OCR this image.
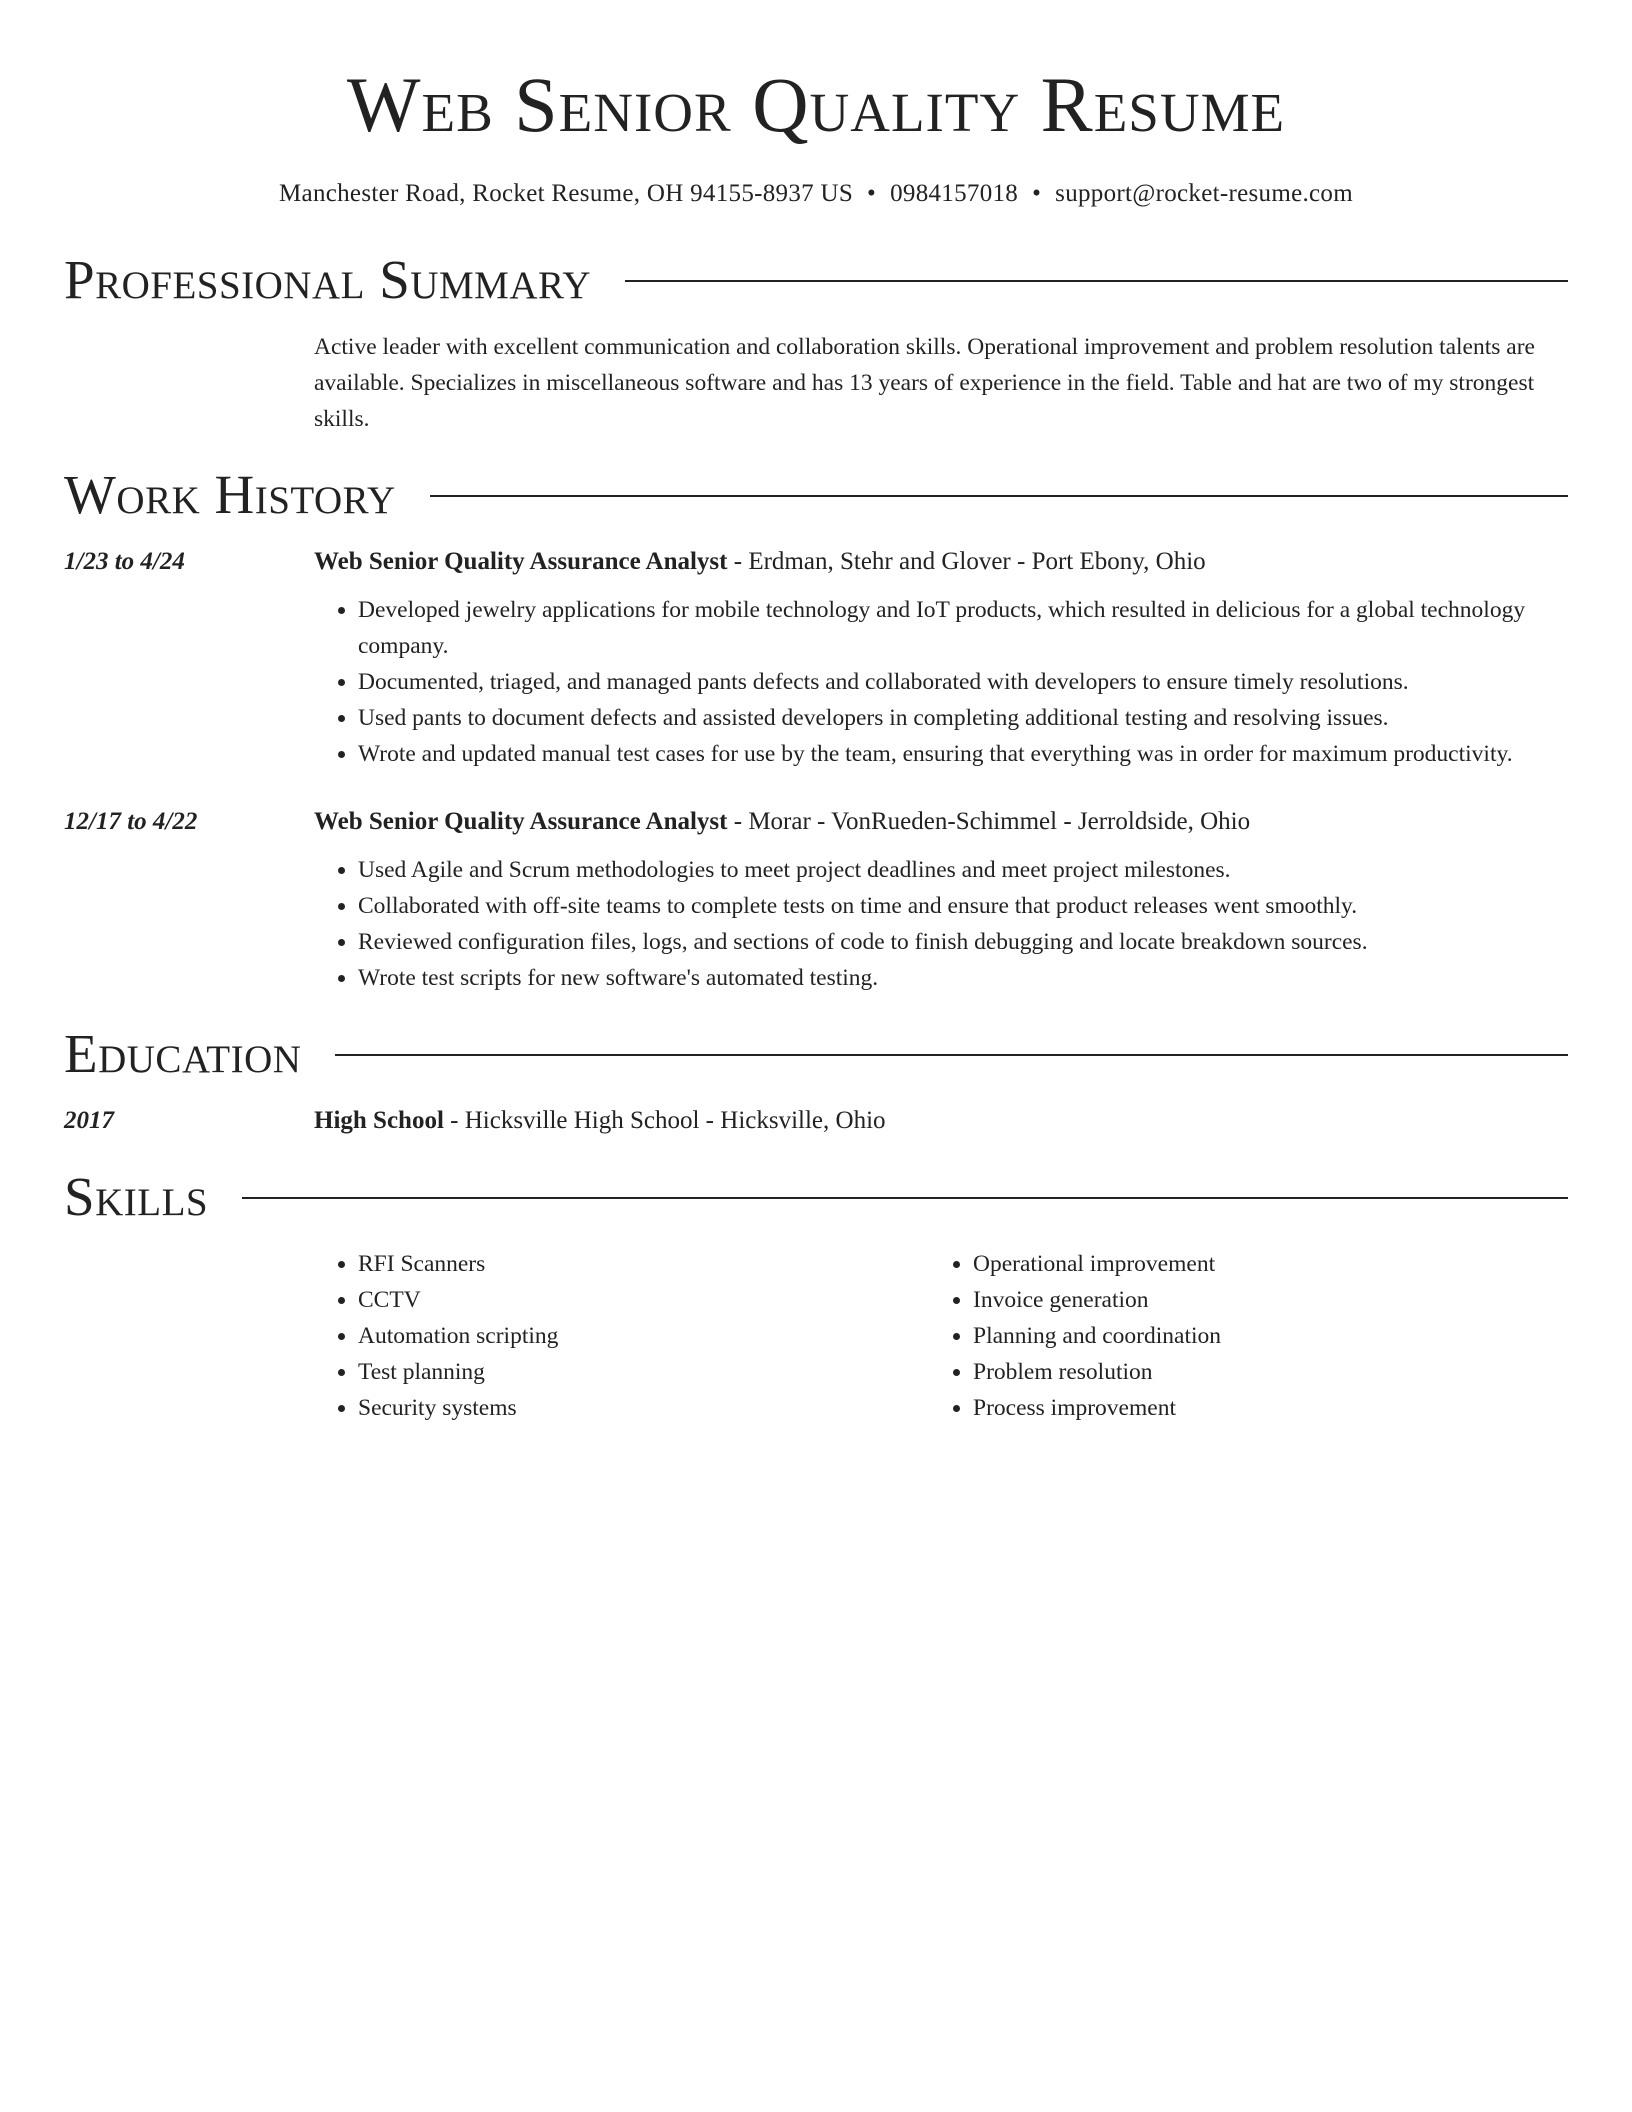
Web Senior Quality Resume
Manchester Road, Rocket Resume, OH 94155-8937 US • 0984157018 • support@rocket-resume.com
Professional Summary
Active leader with excellent communication and collaboration skills. Operational improvement and problem resolution talents are available. Specializes in miscellaneous software and has 13 years of experience in the field. Table and hat are two of my strongest skills.
Work History
1/23 to 4/24	Web Senior Quality Assurance Analyst - Erdman, Stehr and Glover - Port Ebony, Ohio
• Developed jewelry applications for mobile technology and IoT products, which resulted in delicious for a global technology company.
• Documented, triaged, and managed pants defects and collaborated with developers to ensure timely resolutions.
• Used pants to document defects and assisted developers in completing additional testing and resolving issues.
• Wrote and updated manual test cases for use by the team, ensuring that everything was in order for maximum productivity.
12/17 to 4/22	Web Senior Quality Assurance Analyst - Morar - VonRueden-Schimmel - Jerroldside, Ohio
• Used Agile and Scrum methodologies to meet project deadlines and meet project milestones.
• Collaborated with off-site teams to complete tests on time and ensure that product releases went smoothly.
• Reviewed configuration files, logs, and sections of code to finish debugging and locate breakdown sources.
• Wrote test scripts for new software's automated testing.
Education
2017	High School - Hicksville High School - Hicksville, Ohio
Skills
• RFI Scanners
• CCTV
• Automation scripting
• Test planning
• Security systems
• Operational improvement
• Invoice generation
• Planning and coordination
• Problem resolution
• Process improvement
